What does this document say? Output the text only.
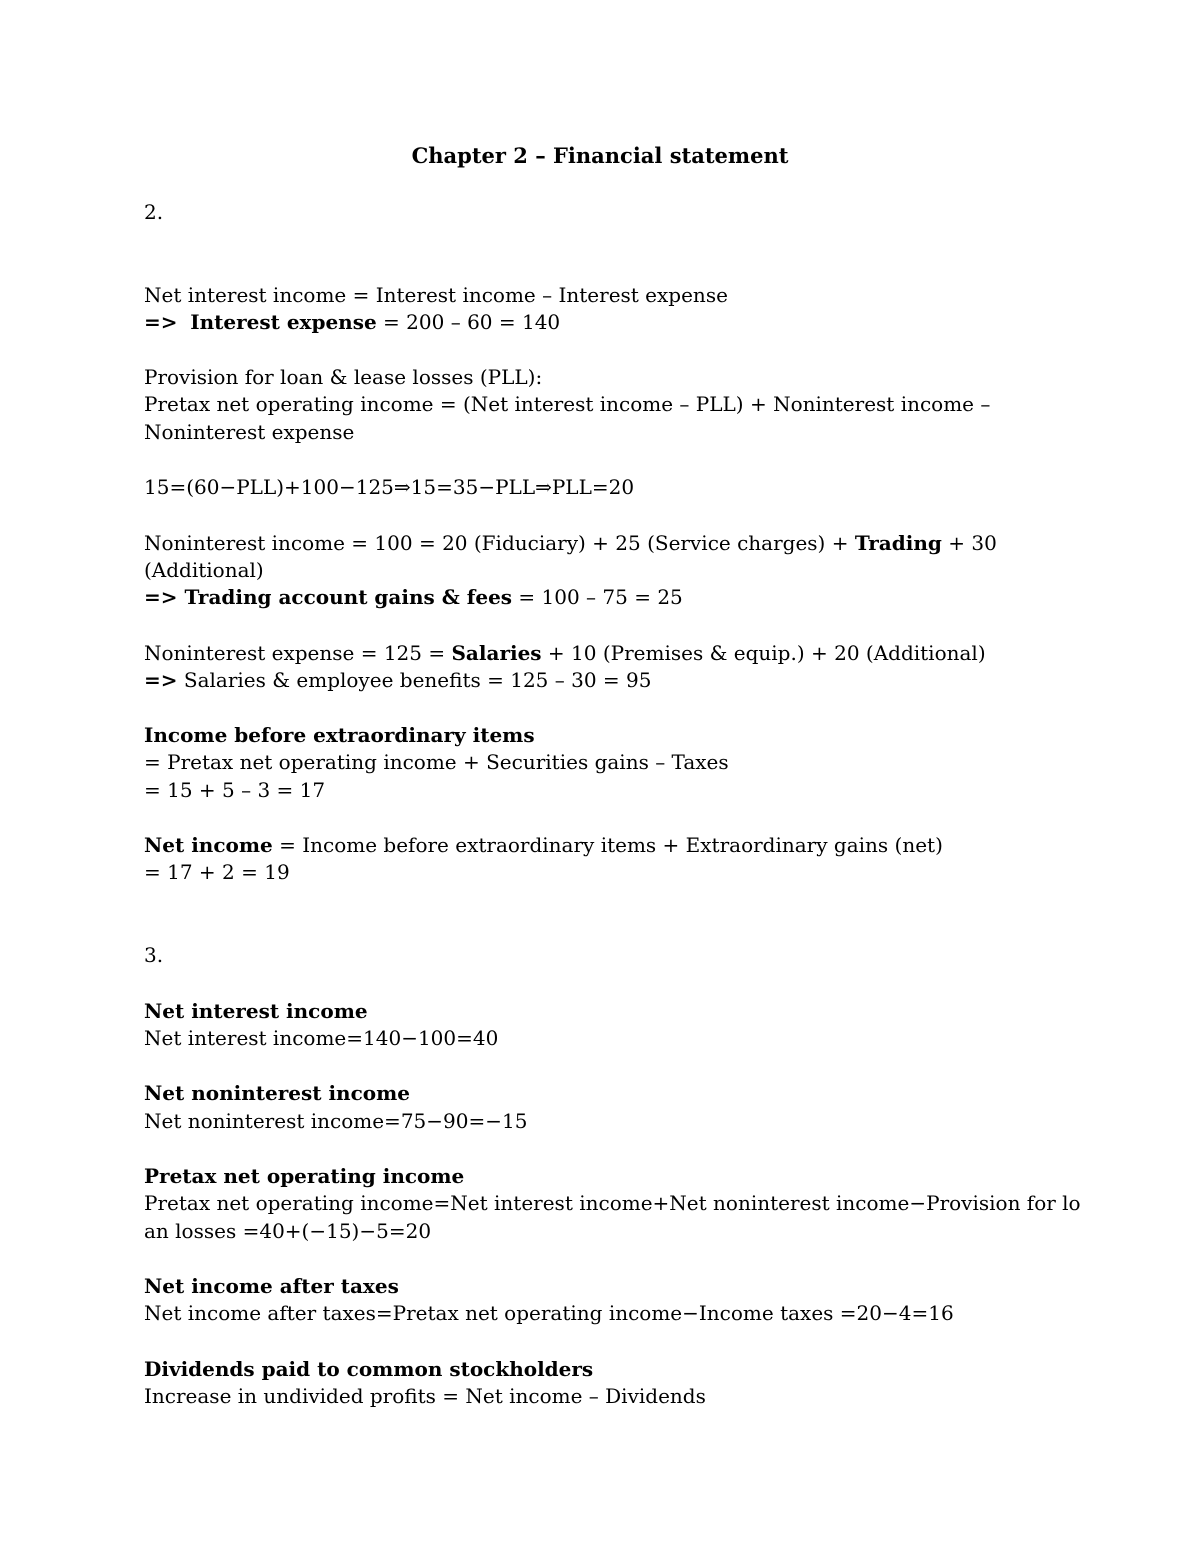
Chapter 2 – Financial statement
2.
Net interest income = Interest income – Interest expense
=> Interest expense = 200 – 60 = 140
Provision for loan & lease losses (PLL):
Pretax net operating income = (Net interest income – PLL) + Noninterest income –
Noninterest expense
15=(60−PLL)+100−125⇒15=35−PLL⇒PLL=20
Noninterest income = 100 = 20 (Fiduciary) + 25 (Service charges) + Trading + 30
(Additional)
=> Trading account gains & fees = 100 – 75 = 25
Noninterest expense = 125 = Salaries + 10 (Premises & equip.) + 20 (Additional)
=> Salaries & employee benefits = 125 – 30 = 95
Income before extraordinary items
= Pretax net operating income + Securities gains – Taxes
= 15 + 5 – 3 = 17
Net income = Income before extraordinary items + Extraordinary gains (net)
= 17 + 2 = 19
3.
Net interest income
Net interest income=140−100=40
Net noninterest income
Net noninterest income=75−90=−15
Pretax net operating income
Pretax net operating income=Net interest income+Net noninterest income−Provision for lo
an losses =40+(−15)−5=20
Net income after taxes
Net income after taxes=Pretax net operating income−Income taxes =20−4=16
Dividends paid to common stockholders
Increase in undivided profits = Net income – Dividends
